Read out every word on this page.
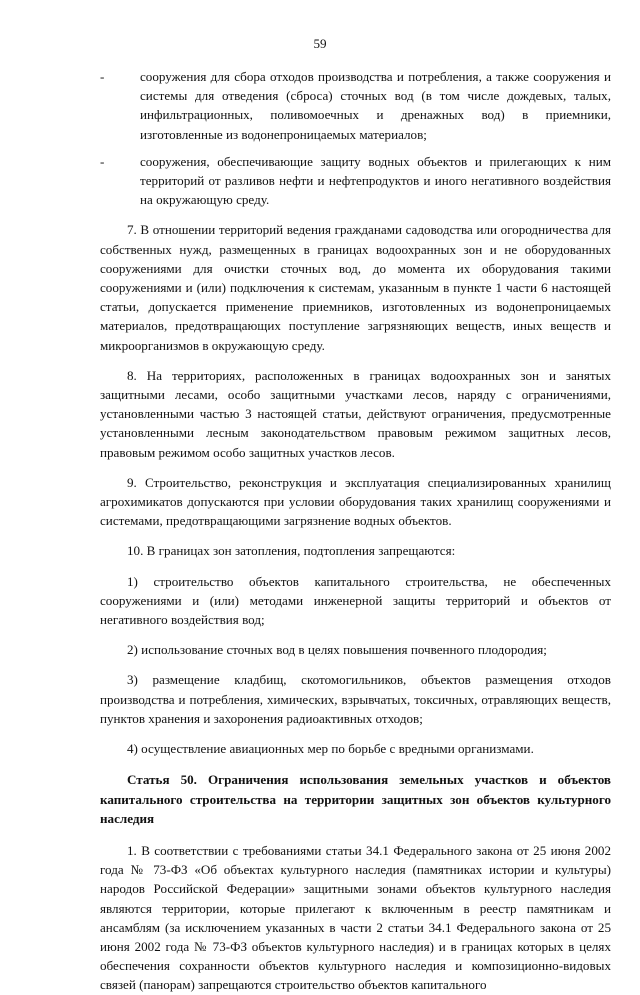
59
-	сооружения для сбора отходов производства и потребления, а также сооружения и системы для отведения (сброса) сточных вод (в том числе дождевых, талых, инфильтрационных, поливомоечных и дренажных вод) в приемники, изготовленные из водонепроницаемых материалов;
-	сооружения, обеспечивающие защиту водных объектов и прилегающих к ним территорий от разливов нефти и нефтепродуктов и иного негативного воздействия на окружающую среду.

7. В отношении территорий ведения гражданами садоводства или огородничества для собственных нужд, размещенных в границах водоохранных зон и не оборудованных сооружениями для очистки сточных вод, до момента их оборудования такими сооружениями и (или) подключения к системам, указанным в пункте 1 части 6 настоящей статьи, допускается применение приемников, изготовленных из водонепроницаемых материалов, предотвращающих поступление загрязняющих веществ, иных веществ и микроорганизмов в окружающую среду.

8. На территориях, расположенных в границах водоохранных зон и занятых защитными лесами, особо защитными участками лесов, наряду с ограничениями, установленными частью 3 настоящей статьи, действуют ограничения, предусмотренные установленными лесным законодательством правовым режимом защитных лесов, правовым режимом особо защитных участков лесов.

9. Строительство, реконструкция и эксплуатация специализированных хранилищ агрохимикатов допускаются при условии оборудования таких хранилищ сооружениями и системами, предотвращающими загрязнение водных объектов.

10. В границах зон затопления, подтопления запрещаются:

1) строительство объектов капитального строительства, не обеспеченных сооружениями и (или) методами инженерной защиты территорий и объектов от негативного воздействия вод;

2) использование сточных вод в целях повышения почвенного плодородия;

3) размещение кладбищ, скотомогильников, объектов размещения отходов производства и потребления, химических, взрывчатых, токсичных, отравляющих веществ, пунктов хранения и захоронения радиоактивных отходов;

4) осуществление авиационных мер по борьбе с вредными организмами.

Статья 50. Ограничения использования земельных участков и объектов капитального строительства на территории защитных зон объектов культурного наследия

1. В соответствии с требованиями статьи 34.1 Федерального закона от 25 июня 2002 года № 73-ФЗ «Об объектах культурного наследия (памятниках истории и культуры) народов Российской Федерации» защитными зонами объектов культурного наследия являются территории, которые прилегают к включенным в реестр памятникам и ансамблям (за исключением указанных в части 2 статьи 34.1 Федерального закона от 25 июня 2002 года № 73-ФЗ объектов культурного наследия) и в границах которых в целях обеспечения сохранности объектов культурного наследия и композиционно-видовых связей (панорам) запрещаются строительство объектов капитального
